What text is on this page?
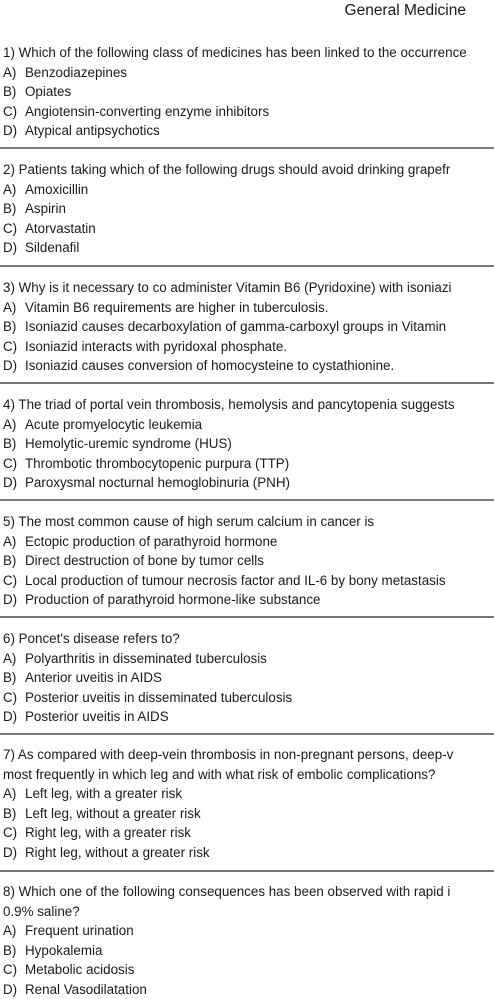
General Medicine
1) Which of the following class of medicines has been linked to the occurrence
A) Benzodiazepines
B) Opiates
C) Angiotensin-converting enzyme inhibitors
D) Atypical antipsychotics
2) Patients taking which of the following drugs should avoid drinking grapefr
A) Amoxicillin
B) Aspirin
C) Atorvastatin
D) Sildenafil
3) Why is it necessary to co administer Vitamin B6 (Pyridoxine) with isoniazi
A) Vitamin B6 requirements are higher in tuberculosis.
B) Isoniazid causes decarboxylation of gamma-carboxyl groups in Vitamin
C) Isoniazid interacts with pyridoxal phosphate.
D) Isoniazid causes conversion of homocysteine to cystathionine.
4) The triad of portal vein thrombosis, hemolysis and pancytopenia suggests
A) Acute promyelocytic leukemia
B) Hemolytic-uremic syndrome (HUS)
C) Thrombotic thrombocytopenic purpura (TTP)
D) Paroxysmal nocturnal hemoglobinuria (PNH)
5) The most common cause of high serum calcium in cancer is
A) Ectopic production of parathyroid hormone
B) Direct destruction of bone by tumor cells
C) Local production of tumour necrosis factor and IL-6 by bony metastasis
D) Production of parathyroid hormone-like substance
6) Poncet's disease refers to?
A) Polyarthritis in disseminated tuberculosis
B) Anterior uveitis in AIDS
C) Posterior uveitis in disseminated tuberculosis
D) Posterior uveitis in AIDS
7) As compared with deep-vein thrombosis in non-pregnant persons, deep-v
most frequently in which leg and with what risk of embolic complications?
A) Left leg, with a greater risk
B) Left leg, without a greater risk
C) Right leg, with a greater risk
D) Right leg, without a greater risk
8) Which one of the following consequences has been observed with rapid i
0.9% saline?
A) Frequent urination
B) Hypokalemia
C) Metabolic acidosis
D) Renal Vasodilatation
